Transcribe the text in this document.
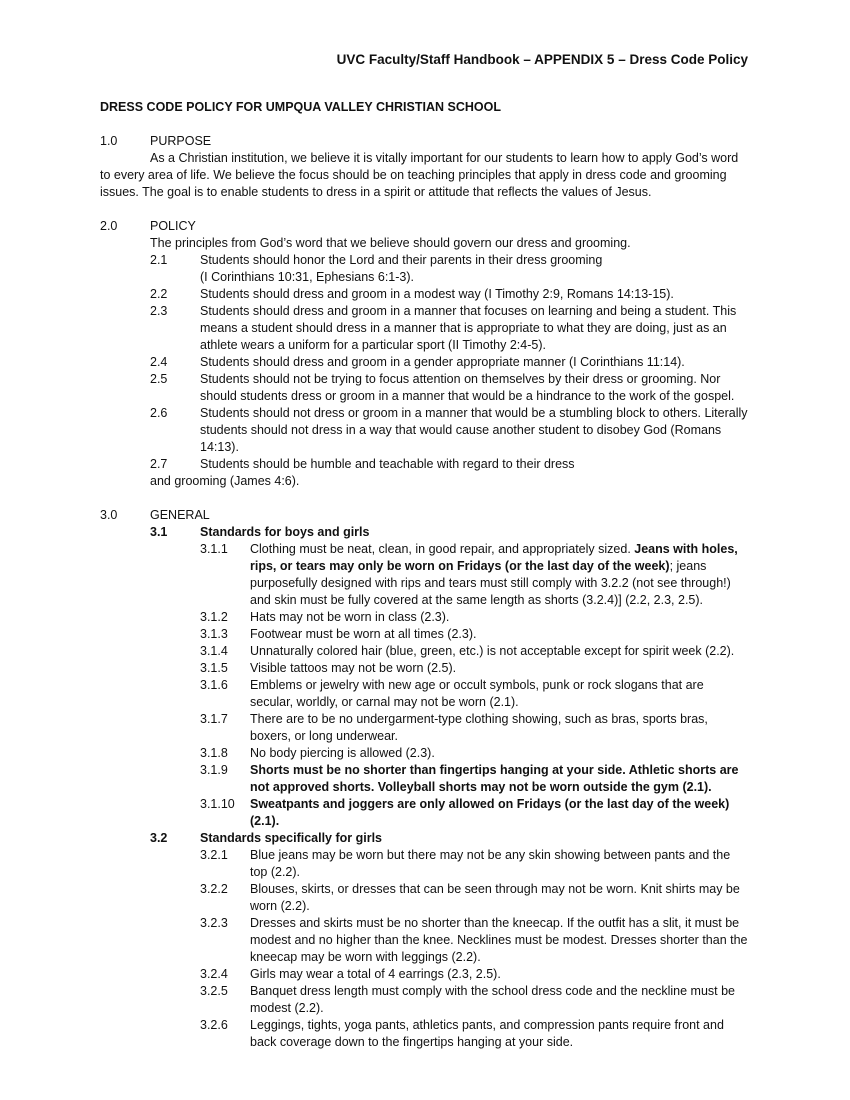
UVC Faculty/Staff Handbook – APPENDIX 5 – Dress Code Policy
DRESS CODE POLICY FOR UMPQUA VALLEY CHRISTIAN SCHOOL
1.0	PURPOSE
As a Christian institution, we believe it is vitally important for our students to learn how to apply God’s word to every area of life. We believe the focus should be on teaching principles that apply in dress code and grooming issues. The goal is to enable students to dress in a spirit or attitude that reflects the values of Jesus.
2.0	POLICY
The principles from God’s word that we believe should govern our dress and grooming.
2.1	Students should honor the Lord and their parents in their dress grooming
(I Corinthians 10:31, Ephesians 6:1-3).
2.2	Students should dress and groom in a modest way (I Timothy 2:9, Romans 14:13-15).
2.3	Students should dress and groom in a manner that focuses on learning and being a student. This means a student should dress in a manner that is appropriate to what they are doing, just as an athlete wears a uniform for a particular sport (II Timothy 2:4-5).
2.4	Students should dress and groom in a gender appropriate manner (I Corinthians 11:14).
2.5	Students should not be trying to focus attention on themselves by their dress or grooming. Nor should students dress or groom in a manner that would be a hindrance to the work of the gospel.
2.6	Students should not dress or groom in a manner that would be a stumbling block to others. Literally students should not dress in a way that would cause another student to disobey God (Romans 14:13).
2.7	Students should be humble and teachable with regard to their dress
and grooming (James 4:6).
3.0	GENERAL
3.1	Standards for boys and girls
3.1.1	Clothing must be neat, clean, in good repair, and appropriately sized. Jeans with holes, rips, or tears may only be worn on Fridays (or the last day of the week); jeans purposefully designed with rips and tears must still comply with 3.2.2 (not see through!) and skin must be fully covered at the same length as shorts (3.2.4)] (2.2, 2.3, 2.5).
3.1.2	Hats may not be worn in class (2.3).
3.1.3	Footwear must be worn at all times (2.3).
3.1.4	Unnaturally colored hair (blue, green, etc.) is not acceptable except for spirit week (2.2).
3.1.5	Visible tattoos may not be worn (2.5).
3.1.6	Emblems or jewelry with new age or occult symbols, punk or rock slogans that are secular, worldly, or carnal may not be worn (2.1).
3.1.7	There are to be no undergarment-type clothing showing, such as bras, sports bras, boxers, or long underwear.
3.1.8	No body piercing is allowed (2.3).
3.1.9	Shorts must be no shorter than fingertips hanging at your side. Athletic shorts are not approved shorts. Volleyball shorts may not be worn outside the gym (2.1).
3.1.10	Sweatpants and joggers are only allowed on Fridays (or the last day of the week) (2.1).
3.2	Standards specifically for girls
3.2.1	Blue jeans may be worn but there may not be any skin showing between pants and the top (2.2).
3.2.2	Blouses, skirts, or dresses that can be seen through may not be worn. Knit shirts may be worn (2.2).
3.2.3	Dresses and skirts must be no shorter than the kneecap. If the outfit has a slit, it must be modest and no higher than the knee. Necklines must be modest. Dresses shorter than the kneecap may be worn with leggings (2.2).
3.2.4	Girls may wear a total of 4 earrings (2.3, 2.5).
3.2.5	Banquet dress length must comply with the school dress code and the neckline must be modest (2.2).
3.2.6	Leggings, tights, yoga pants, athletics pants, and compression pants require front and back coverage down to the fingertips hanging at your side.
